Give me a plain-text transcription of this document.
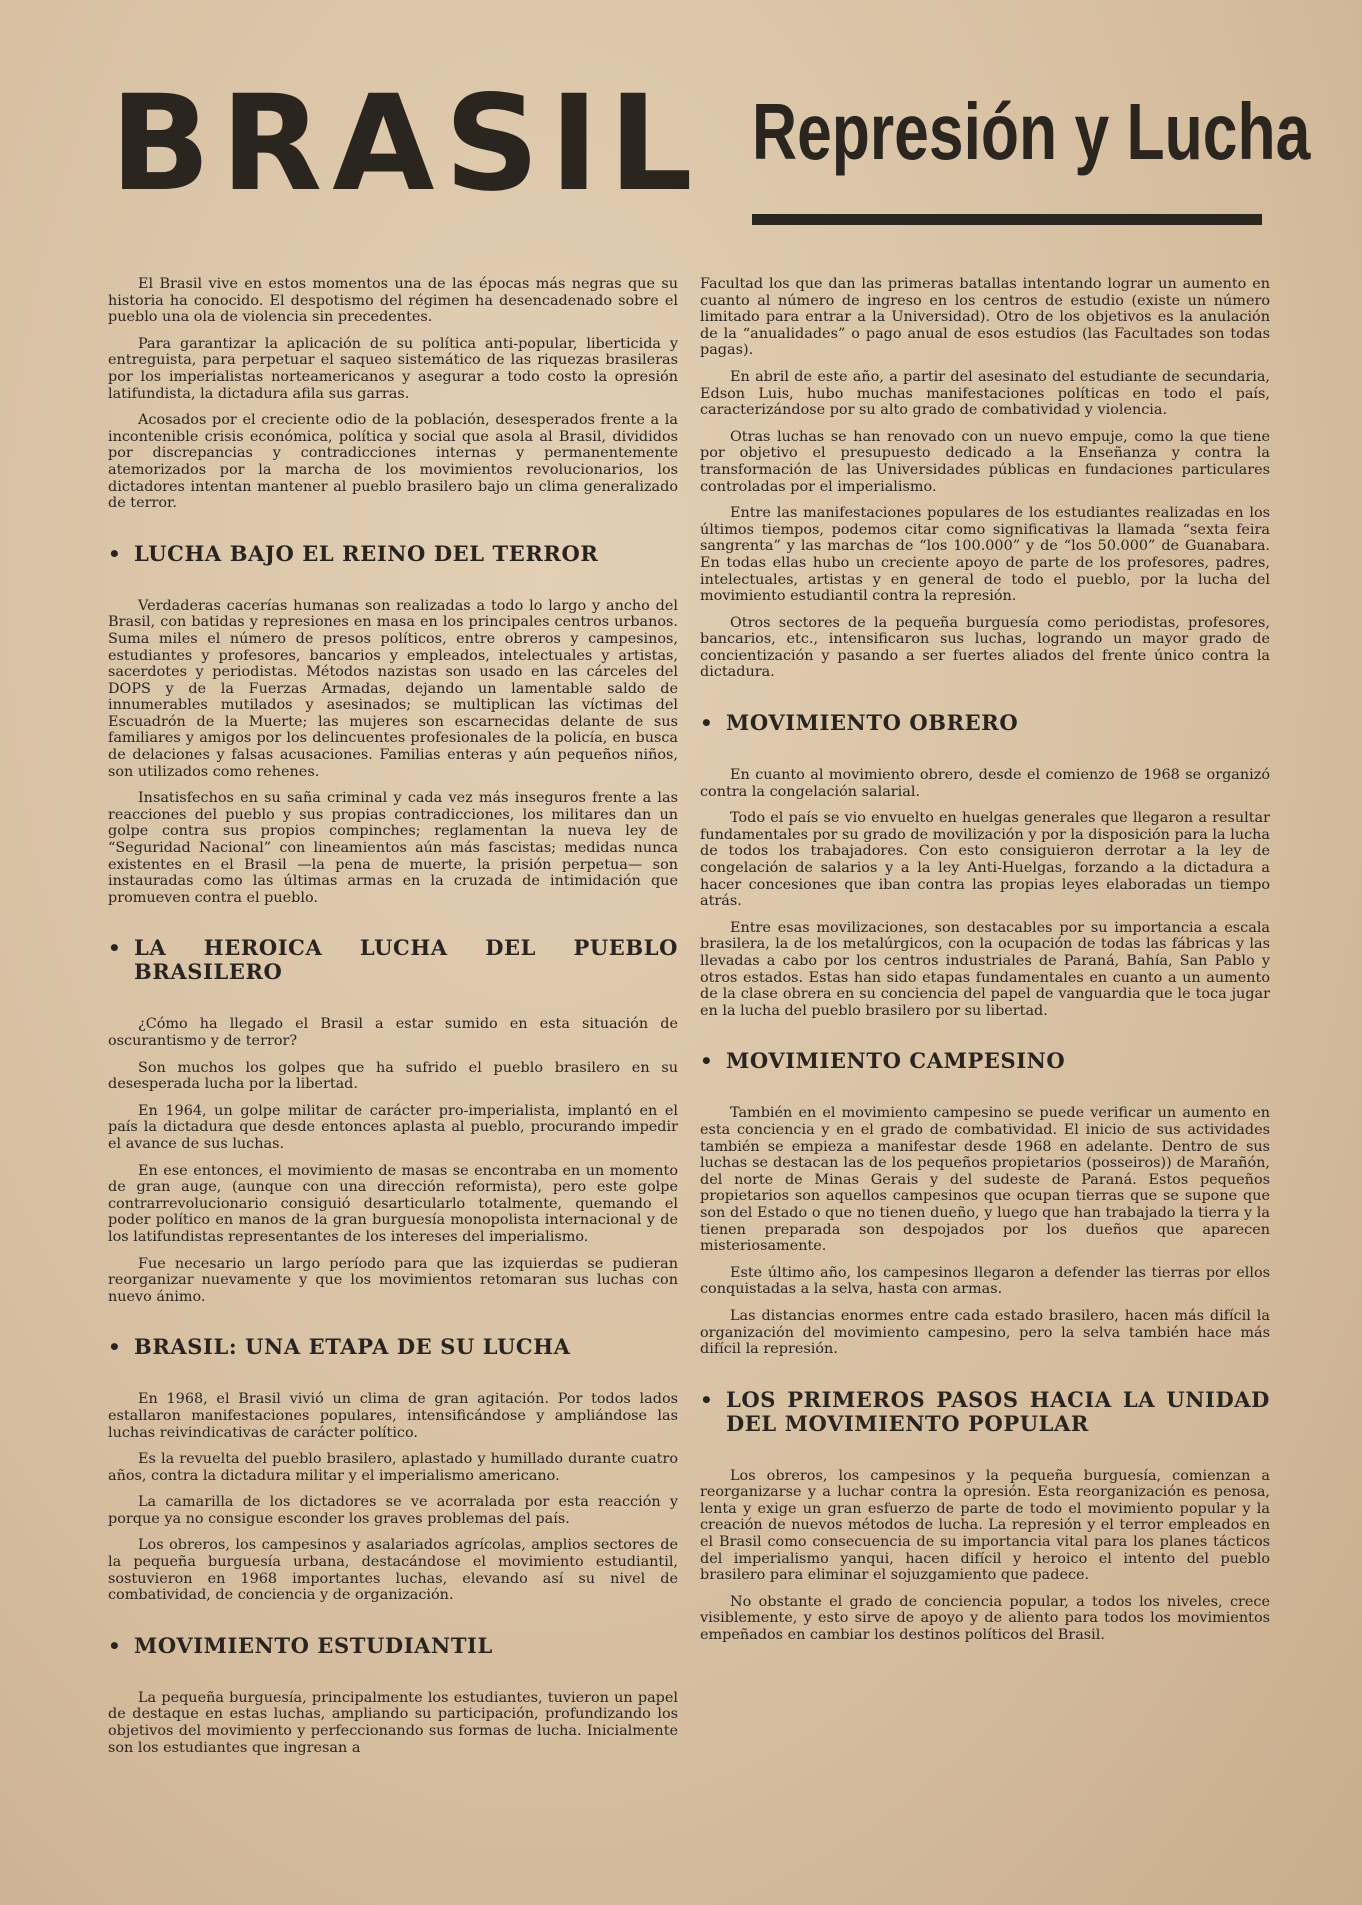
BRASIL Represión y Lucha

El Brasil vive en estos momentos una de las épocas más negras que su historia ha conocido. El despotismo del régimen ha desencadenado sobre el pueblo una ola de violencia sin precedentes.

Para garantizar la aplicación de su política anti-popular, liberticida y entreguista, para perpetuar el saqueo sistemático de las riquezas brasileras por los imperialistas norteamericanos y asegurar a todo costo la opresión latifundista, la dictadura afila sus garras.

Acosados por el creciente odio de la población, desesperados frente a la incontenible crisis económica, política y social que asola al Brasil, divididos por discrepancias y contradicciones internas y permanentemente atemorizados por la marcha de los movimientos revolucionarios, los dictadores intentan mantener al pueblo brasilero bajo un clima generalizado de terror.

• LUCHA BAJO EL REINO DEL TERROR

Verdaderas cacerías humanas son realizadas a todo lo largo y ancho del Brasil, con batidas y represiones en masa en los principales centros urbanos. Suma miles el número de presos políticos, entre obreros y campesinos, estudiantes y profesores, bancarios y empleados, intelectuales y artistas, sacerdotes y periodistas. Métodos nazistas son usado en las cárceles del DOPS y de la Fuerzas Armadas, dejando un lamentable saldo de innumerables mutilados y asesinados; se multiplican las víctimas del Escuadrón de la Muerte; las mujeres son escarnecidas delante de sus familiares y amigos por los delincuentes profesionales de la policía, en busca de delaciones y falsas acusaciones. Familias enteras y aún pequeños niños, son utilizados como rehenes.

Insatisfechos en su saña criminal y cada vez más inseguros frente a las reacciones del pueblo y sus propias contradicciones, los militares dan un golpe contra sus propios compinches; reglamentan la nueva ley de “Seguridad Nacional” con lineamientos aún más fascistas; medidas nunca existentes en el Brasil —la pena de muerte, la prisión perpetua— son instauradas como las últimas armas en la cruzada de intimidación que promueven contra el pueblo.

• LA HEROICA LUCHA DEL PUEBLO BRASILERO

¿Cómo ha llegado el Brasil a estar sumido en esta situación de oscurantismo y de terror?

Son muchos los golpes que ha sufrido el pueblo brasilero en su desesperada lucha por la libertad.

En 1964, un golpe militar de carácter pro-imperialista, implantó en el país la dictadura que desde entonces aplasta al pueblo, procurando impedir el avance de sus luchas.

En ese entonces, el movimiento de masas se encontraba en un momento de gran auge, (aunque con una dirección reformista), pero este golpe contrarrevolucionario consiguió desarticularlo totalmente, quemando el poder político en manos de la gran burguesía monopolista internacional y de los latifundistas representantes de los intereses del imperialismo.

Fue necesario un largo período para que las izquierdas se pudieran reorganizar nuevamente y que los movimientos retomaran sus luchas con nuevo ánimo.

• BRASIL: UNA ETAPA DE SU LUCHA

En 1968, el Brasil vivió un clima de gran agitación. Por todos lados estallaron manifestaciones populares, intensificándose y ampliándose las luchas reivindicativas de carácter político.

Es la revuelta del pueblo brasilero, aplastado y humillado durante cuatro años, contra la dictadura militar y el imperialismo americano.

La camarilla de los dictadores se ve acorralada por esta reacción y porque ya no consigue esconder los graves problemas del país.

Los obreros, los campesinos y asalariados agrícolas, amplios sectores de la pequeña burguesía urbana, destacándose el movimiento estudiantil, sostuvieron en 1968 importantes luchas, elevando así su nivel de combatividad, de conciencia y de organización.

• MOVIMIENTO ESTUDIANTIL

La pequeña burguesía, principalmente los estudiantes, tuvieron un papel de destaque en estas luchas, ampliando su participación, profundizando los objetivos del movimiento y perfeccionando sus formas de lucha. Inicialmente son los estudiantes que ingresan a

Facultad los que dan las primeras batallas intentando lograr un aumento en cuanto al número de ingreso en los centros de estudio (existe un número limitado para entrar a la Universidad). Otro de los objetivos es la anulación de la “anualidades” o pago anual de esos estudios (las Facultades son todas pagas).

En abril de este año, a partir del asesinato del estudiante de secundaria, Edson Luis, hubo muchas manifestaciones políticas en todo el país, caracterizándose por su alto grado de combatividad y violencia.

Otras luchas se han renovado con un nuevo empuje, como la que tiene por objetivo el presupuesto dedicado a la Enseñanza y contra la transformación de las Universidades públicas en fundaciones particulares controladas por el imperialismo.

Entre las manifestaciones populares de los estudiantes realizadas en los últimos tiempos, podemos citar como significativas la llamada “sexta feira sangrenta” y las marchas de “los 100.000” y de “los 50.000” de Guanabara. En todas ellas hubo un creciente apoyo de parte de los profesores, padres, intelectuales, artistas y en general de todo el pueblo, por la lucha del movimiento estudiantil contra la represión.

Otros sectores de la pequeña burguesía como periodistas, profesores, bancarios, etc., intensificaron sus luchas, logrando un mayor grado de concientización y pasando a ser fuertes aliados del frente único contra la dictadura.

• MOVIMIENTO OBRERO

En cuanto al movimiento obrero, desde el comienzo de 1968 se organizó contra la congelación salarial.

Todo el país se vio envuelto en huelgas generales que llegaron a resultar fundamentales por su grado de movilización y por la disposición para la lucha de todos los trabajadores. Con esto consiguieron derrotar a la ley de congelación de salarios y a la ley Anti-Huelgas, forzando a la dictadura a hacer concesiones que iban contra las propias leyes elaboradas un tiempo atrás.

Entre esas movilizaciones, son destacables por su importancia a escala brasilera, la de los metalúrgicos, con la ocupación de todas las fábricas y las llevadas a cabo por los centros industriales de Paraná, Bahía, San Pablo y otros estados. Estas han sido etapas fundamentales en cuanto a un aumento de la clase obrera en su conciencia del papel de vanguardia que le toca jugar en la lucha del pueblo brasilero por su libertad.

• MOVIMIENTO CAMPESINO

También en el movimiento campesino se puede verificar un aumento en esta conciencia y en el grado de combatividad. El inicio de sus actividades también se empieza a manifestar desde 1968 en adelante. Dentro de sus luchas se destacan las de los pequeños propietarios (posseiros)) de Marañón, del norte de Minas Gerais y del sudeste de Paraná. Estos pequeños propietarios son aquellos campesinos que ocupan tierras que se supone que son del Estado o que no tienen dueño, y luego que han trabajado la tierra y la tienen preparada son despojados por los dueños que aparecen misteriosamente.

Este último año, los campesinos llegaron a defender las tierras por ellos conquistadas a la selva, hasta con armas.

Las distancias enormes entre cada estado brasilero, hacen más difícil la organización del movimiento campesino, pero la selva también hace más difícil la represión.

• LOS PRIMEROS PASOS HACIA LA UNIDAD DEL MOVIMIENTO POPULAR

Los obreros, los campesinos y la pequeña burguesía, comienzan a reorganizarse y a luchar contra la opresión. Esta reorganización es penosa, lenta y exige un gran esfuerzo de parte de todo el movimiento popular y la creación de nuevos métodos de lucha. La represión y el terror empleados en el Brasil como consecuencia de su importancia vital para los planes tácticos del imperialismo yanqui, hacen difícil y heroico el intento del pueblo brasilero para eliminar el sojuzgamiento que padece.

No obstante el grado de conciencia popular, a todos los niveles, crece visiblemente, y esto sirve de apoyo y de aliento para todos los movimientos empeñados en cambiar los destinos políticos del Brasil.
